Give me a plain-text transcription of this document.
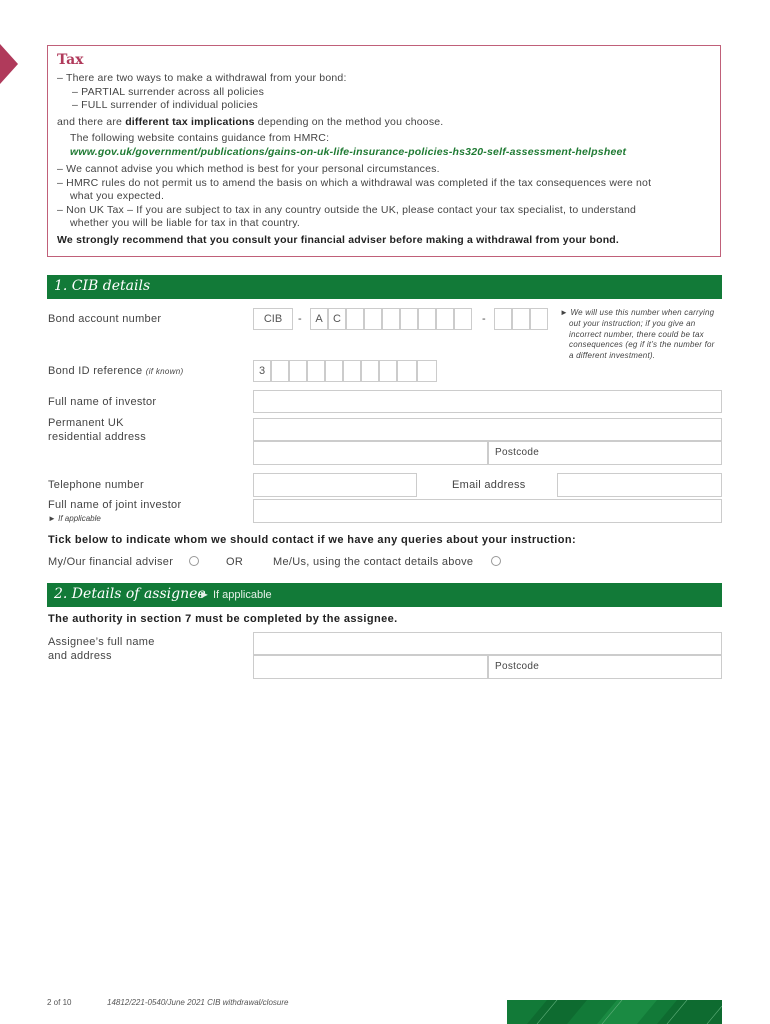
Tax
– There are two ways to make a withdrawal from your bond:
– PARTIAL surrender across all policies
– FULL surrender of individual policies
and there are different tax implications depending on the method you choose.
The following website contains guidance from HMRC:
www.gov.uk/government/publications/gains-on-uk-life-insurance-policies-hs320-self-assessment-helpsheet
– We cannot advise you which method is best for your personal circumstances.
– HMRC rules do not permit us to amend the basis on which a withdrawal was completed if the tax consequences were not
what you expected.
– Non UK Tax – If you are subject to tax in any country outside the UK, please contact your tax specialist, to understand
whether you will be liable for tax in that country.
We strongly recommend that you consult your financial adviser before making a withdrawal from your bond.
1. CIB details
Bond account number	CIB	-	A C	-
► We will use this number when carrying
out your instruction; if you give an
incorrect number, there could be tax
consequences (eg if it’s the number for
a different investment).
Bond ID reference (if known)	3
Full name of investor
Permanent UK
residential address
Postcode
Telephone number	Email address
Full name of joint investor
► If applicable
Tick below to indicate whom we should contact if we have any queries about your instruction:
My/Our financial adviser	OR	Me/Us, using the contact details above
2. Details of assignee
► If applicable
The authority in section 7 must be completed by the assignee.
Assignee’s full name
and address
Postcode
2 of 10	14812/221-0540/June 2021 CIB withdrawal/closure
